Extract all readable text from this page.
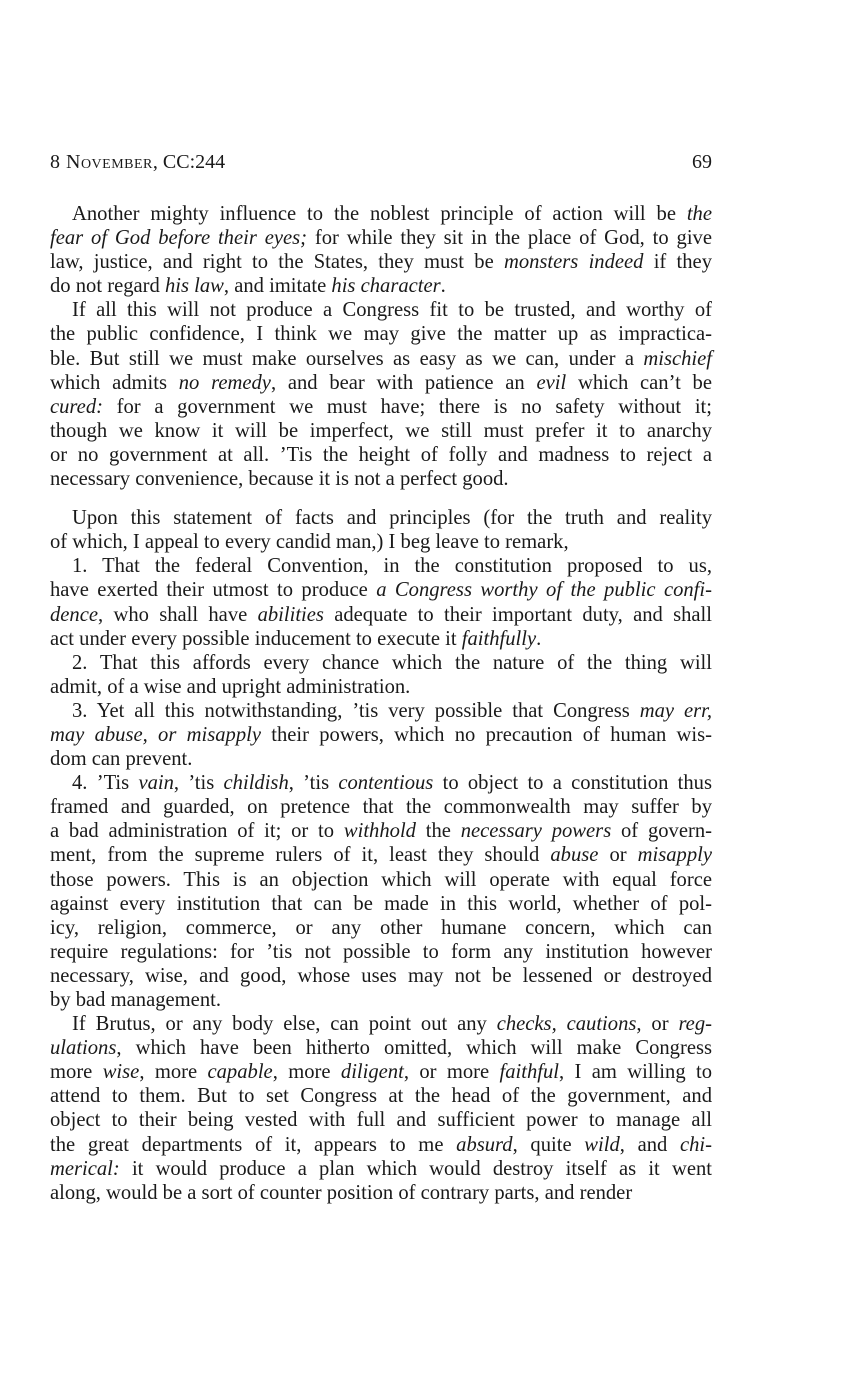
8 November, CC:244	69
Another mighty influence to the noblest principle of action will be the
fear of God before their eyes; for while they sit in the place of God, to give
law, justice, and right to the States, they must be monsters indeed if they
do not regard his law, and imitate his character.
If all this will not produce a Congress fit to be trusted, and worthy of
the public confidence, I think we may give the matter up as impractica-
ble. But still we must make ourselves as easy as we can, under a mischief
which admits no remedy, and bear with patience an evil which can’t be
cured: for a government we must have; there is no safety without it;
though we know it will be imperfect, we still must prefer it to anarchy
or no government at all. ’Tis the height of folly and madness to reject a
necessary convenience, because it is not a perfect good.
Upon this statement of facts and principles (for the truth and reality
of which, I appeal to every candid man,) I beg leave to remark,
1. That the federal Convention, in the constitution proposed to us,
have exerted their utmost to produce a Congress worthy of the public confi-
dence, who shall have abilities adequate to their important duty, and shall
act under every possible inducement to execute it faithfully.
2. That this affords every chance which the nature of the thing will
admit, of a wise and upright administration.
3. Yet all this notwithstanding, ’tis very possible that Congress may err,
may abuse, or misapply their powers, which no precaution of human wis-
dom can prevent.
4. ’Tis vain, ’tis childish, ’tis contentious to object to a constitution thus
framed and guarded, on pretence that the commonwealth may suffer by
a bad administration of it; or to withhold the necessary powers of govern-
ment, from the supreme rulers of it, least they should abuse or misapply
those powers. This is an objection which will operate with equal force
against every institution that can be made in this world, whether of pol-
icy, religion, commerce, or any other humane concern, which can
require regulations: for ’tis not possible to form any institution however
necessary, wise, and good, whose uses may not be lessened or destroyed
by bad management.
If Brutus, or any body else, can point out any checks, cautions, or reg-
ulations, which have been hitherto omitted, which will make Congress
more wise, more capable, more diligent, or more faithful, I am willing to
attend to them. But to set Congress at the head of the government, and
object to their being vested with full and sufficient power to manage all
the great departments of it, appears to me absurd, quite wild, and chi-
merical: it would produce a plan which would destroy itself as it went
along, would be a sort of counter position of contrary parts, and render
